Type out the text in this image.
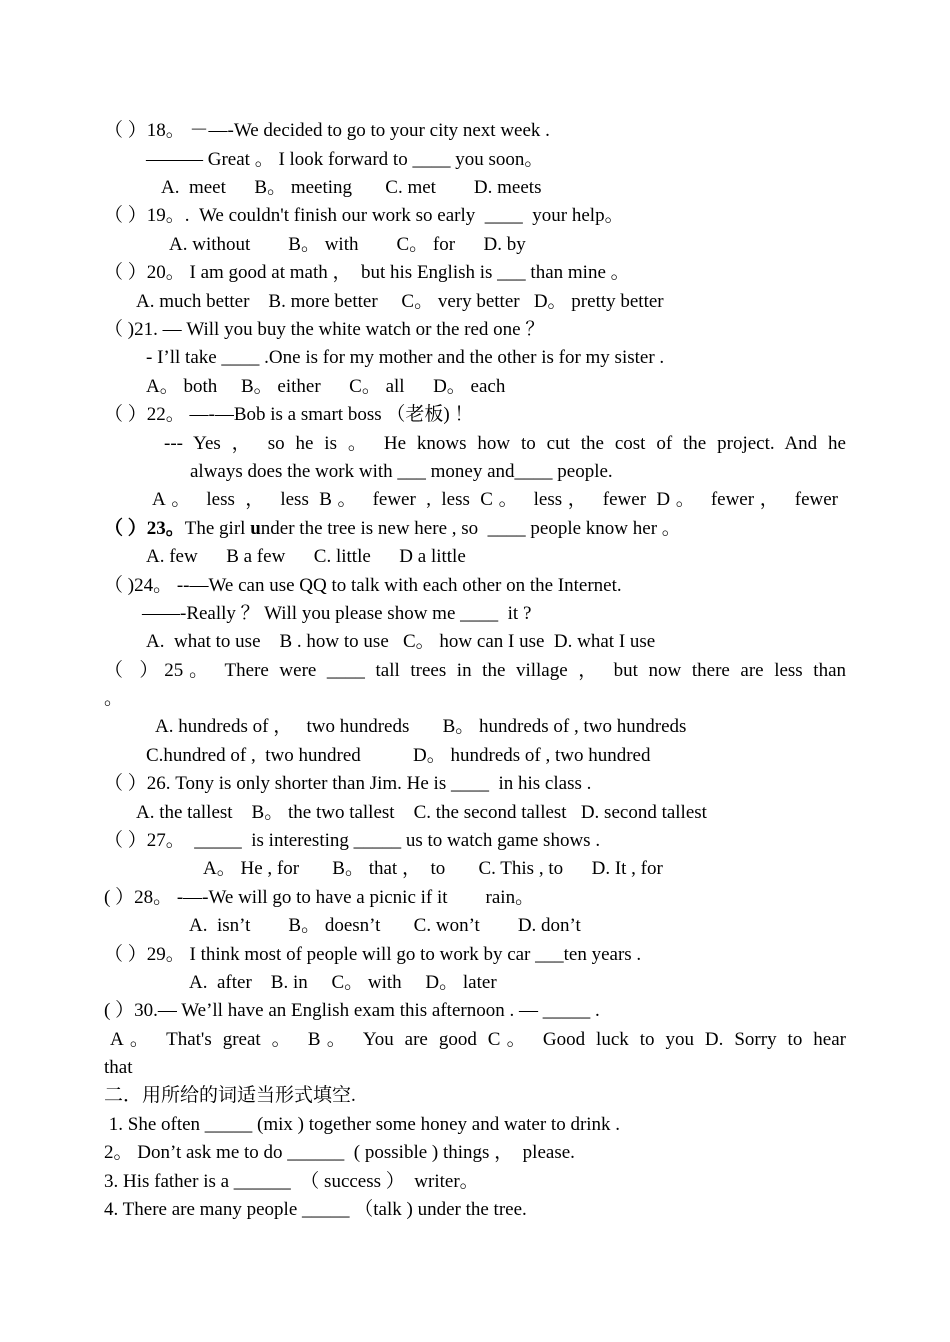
（ ）18。 －—-We decided to go to your city next week .
——— Great 。 I look forward to ____ you soon。
A.  meet      B。 meeting       C. met        D. meets
（ ）19。.  We couldn't finish our work so early  ____  your help。
A. without        B。 with        C。 for      D. by
（ ）20。 I am good at math ，  but his English is ___ than mine 。
A. much better    B. more better     C。 very better   D。 pretty better
（ )21. — Will you buy the white watch or the red one ？
- I’ll take ____ .One is for my mother and the other is for my sister .
A。 both     B。 either      C。 all      D。 each
（ ）22。 —-—Bob is a smart boss （老板) ！
--- Yes ， so he is 。 He knows how to cut the cost of the project. And he
always does the work with ___ money and____ people.
A。 less ， less B。 fewer , less C。 less， fewer D。 fewer， fewer
（ ）23。The girl under the tree is new here , so  ____ people know her 。
A. few      B a few      C. little      D a little
（ )24。 --—We can use QQ to talk with each other on the Internet.
——-Really ？ Will you please show me ____  it ?
A.  what to use    B . how to use   C。 how can I use  D. what I use
（ ）25。 There were ____ tall trees in the village ， but now there are less than
。
A. hundreds of ，   two hundreds       B。 hundreds of , two hundreds
C.hundred of ,  two hundred           D。 hundreds of , two hundred
（ ）26. Tony is only shorter than Jim. He is ____  in his class .
A. the tallest    B。 the two tallest    C. the second tallest   D. second tallest
（ ）27。  _____  is interesting _____ us to watch game shows .
A。 He , for       B。 that ，  to       C. This , to      D. It , for
( ）28。 -—-We will go to have a picnic if it        rain。
A.  isn’t        B。 doesn’t       C. won’t        D. don’t
（ ）29。 I think most of people will go to work by car ___ten years .
A.  after    B. in     C。 with     D。 later
( ）30.— We’ll have an English exam this afternoon . — _____ .
A。 That's great 。 B。 You are good C。 Good luck to you D. Sorry to hear
that
二．用所给的词适当形式填空.
1. She often _____ (mix ) together some honey and water to drink .
2。 Don’t ask me to do ______  ( possible ) things ，  please.
3. His father is a ______  （ success ）  writer。
4. There are many people _____ （talk ) under the tree.
